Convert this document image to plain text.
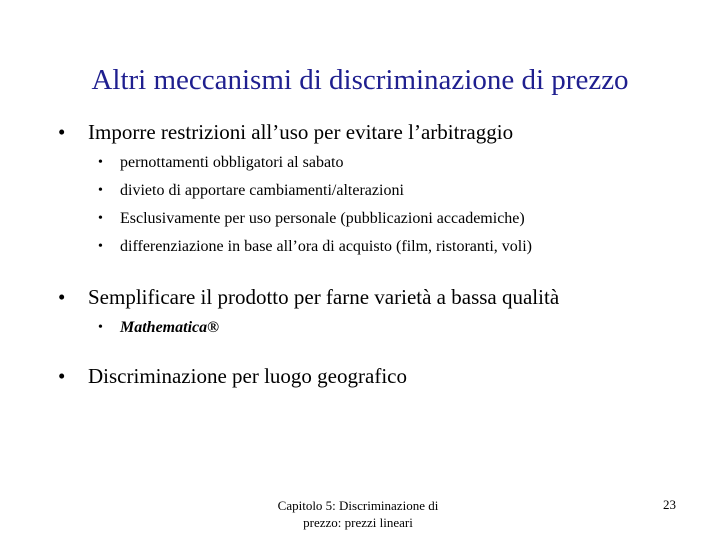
Altri meccanismi di discriminazione di prezzo
• Imporre restrizioni all’uso per evitare l’arbitraggio
• pernottamenti obbligatori al sabato
• divieto di apportare cambiamenti/alterazioni
• Esclusivamente per uso personale (pubblicazioni accademiche)
• differenziazione in base all’ora di acquisto (film, ristoranti, voli)
• Semplificare il prodotto per farne varietà a bassa qualità
• Mathematica®
• Discriminazione per luogo geografico
Capitolo 5: Discriminazione di
prezzo: prezzi lineari
23
